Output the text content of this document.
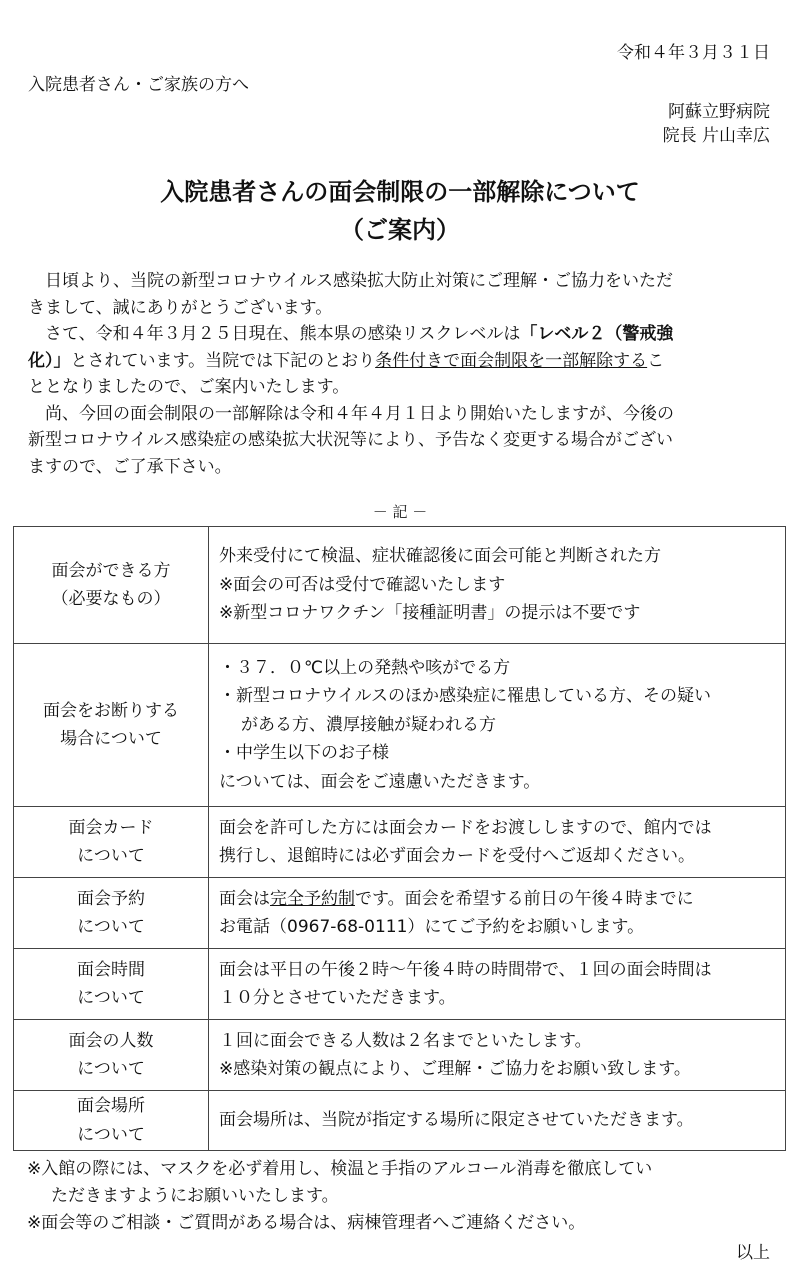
令和４年３月３１日
入院患者さん・ご家族の方へ
阿蘇立野病院
院長 片山幸広
入院患者さんの面会制限の一部解除について
（ご案内）

日頃より、当院の新型コロナウイルス感染拡大防止対策にご理解・ご協力をいただ
きまして、誠にありがとうございます。

さて、令和４年３月２５日現在、熊本県の感染リスクレベルは「レベル２（警戒強
化）」とされています。当院では下記のとおり条件付きで面会制限を一部解除するこ
ととなりましたので、ご案内いたします。

尚、今回の面会制限の一部解除は令和４年４月１日より開始いたしますが、今後の
新型コロナウイルス感染症の感染拡大状況等により、予告なく変更する場合がござい
ますので、ご了承下さい。

－ 記 －
面会ができる方
（必要なもの）	外来受付にて検温、症状確認後に面会可能と判断された方
※面会の可否は受付で確認いたします
※新型コロナワクチン「接種証明書」の提示は不要です

面会をお断りする
場合について	・３７．０℃以上の発熱や咳がでる方
・新型コロナウイルスのほか感染症に罹患している方、その疑い
がある方、濃厚接触が疑われる方
・中学生以下のお子様
については、面会をご遠慮いただきます。

面会カード
について	面会を許可した方には面会カードをお渡ししますので、館内では
携行し、退館時には必ず面会カードを受付へご返却ください。

面会予約
について	面会は完全予約制です。面会を希望する前日の午後４時までに
お電話（0967-68-0111）にてご予約をお願いします。

面会時間
について	面会は平日の午後２時～午後４時の時間帯で、１回の面会時間は
１０分とさせていただきます。

面会の人数
について	１回に面会できる人数は２名までといたします。
※感染対策の観点により、ご理解・ご協力をお願い致します。

面会場所
について	面会場所は、当院が指定する場所に限定させていただきます。
※入館の際には、マスクを必ず着用し、検温と手指のアルコール消毒を徹底してい
ただきますようにお願いいたします。
※面会等のご相談・ご質問がある場合は、病棟管理者へご連絡ください。
以上
